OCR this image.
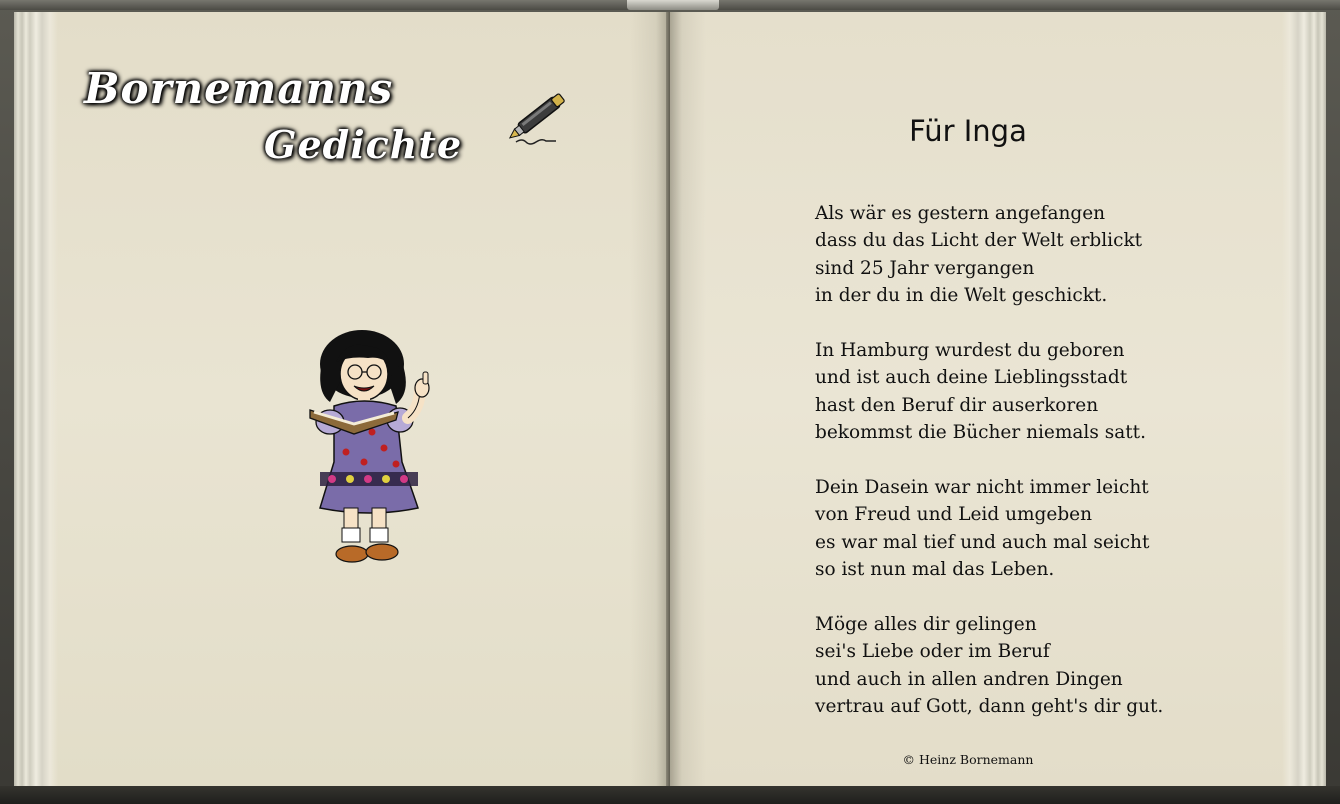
Bornemanns
Gedichte	Für Inga
Als wär es gestern angefangen
dass du das Licht der Welt erblickt
sind 25 Jahr vergangen
in der du in die Welt geschickt.
In Hamburg wurdest du geboren
und ist auch deine Lieblingsstadt
hast den Beruf dir auserkoren
bekommst die Bücher niemals satt.
Dein Dasein war nicht immer leicht
von Freud und Leid umgeben
es war mal tief und auch mal seicht
so ist nun mal das Leben.
Möge alles dir gelingen
sei's Liebe oder im Beruf
und auch in allen andren Dingen
vertrau auf Gott, dann geht's dir gut.
© Heinz Bornemann
